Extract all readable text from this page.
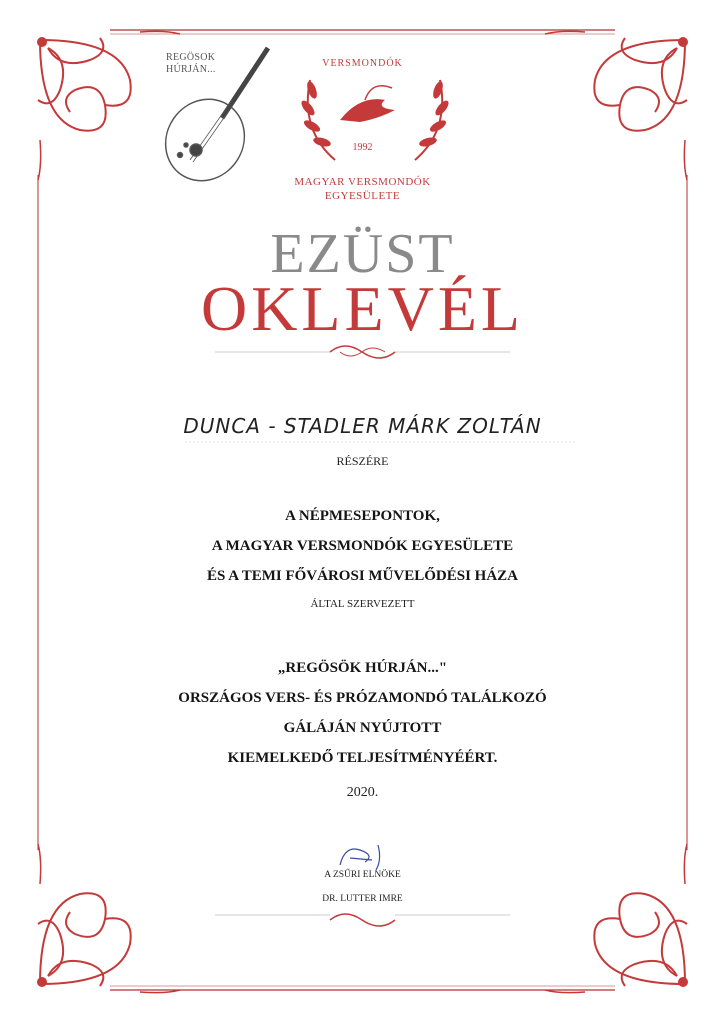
REGÖSOK
HÚRJÁN...
VERSMONDÓK
1992
MAGYAR VERSMONDÓK
EGYESÜLETE
EZÜST
OKLEVÉL
DUNCA - STADLER MÁRK ZOLTÁN
RÉSZÉRE
A NÉPMESEPONTOK,
A MAGYAR VERSMONDÓK EGYESÜLETE
ÉS A TEMI FŐVÁROSI MŰVELŐDÉSI HÁZA
ÁLTAL SZERVEZETT
„REGÖSÖK HÚRJÁN..."
ORSZÁGOS VERS- ÉS PRÓZAMONDÓ TALÁLKOZÓ
GÁLÁJÁN NYÚJTOTT
KIEMELKEDŐ TELJESÍTMÉNYÉÉRT.
2020.
A ZSŰRI ELNÖKE
DR. LUTTER IMRE
